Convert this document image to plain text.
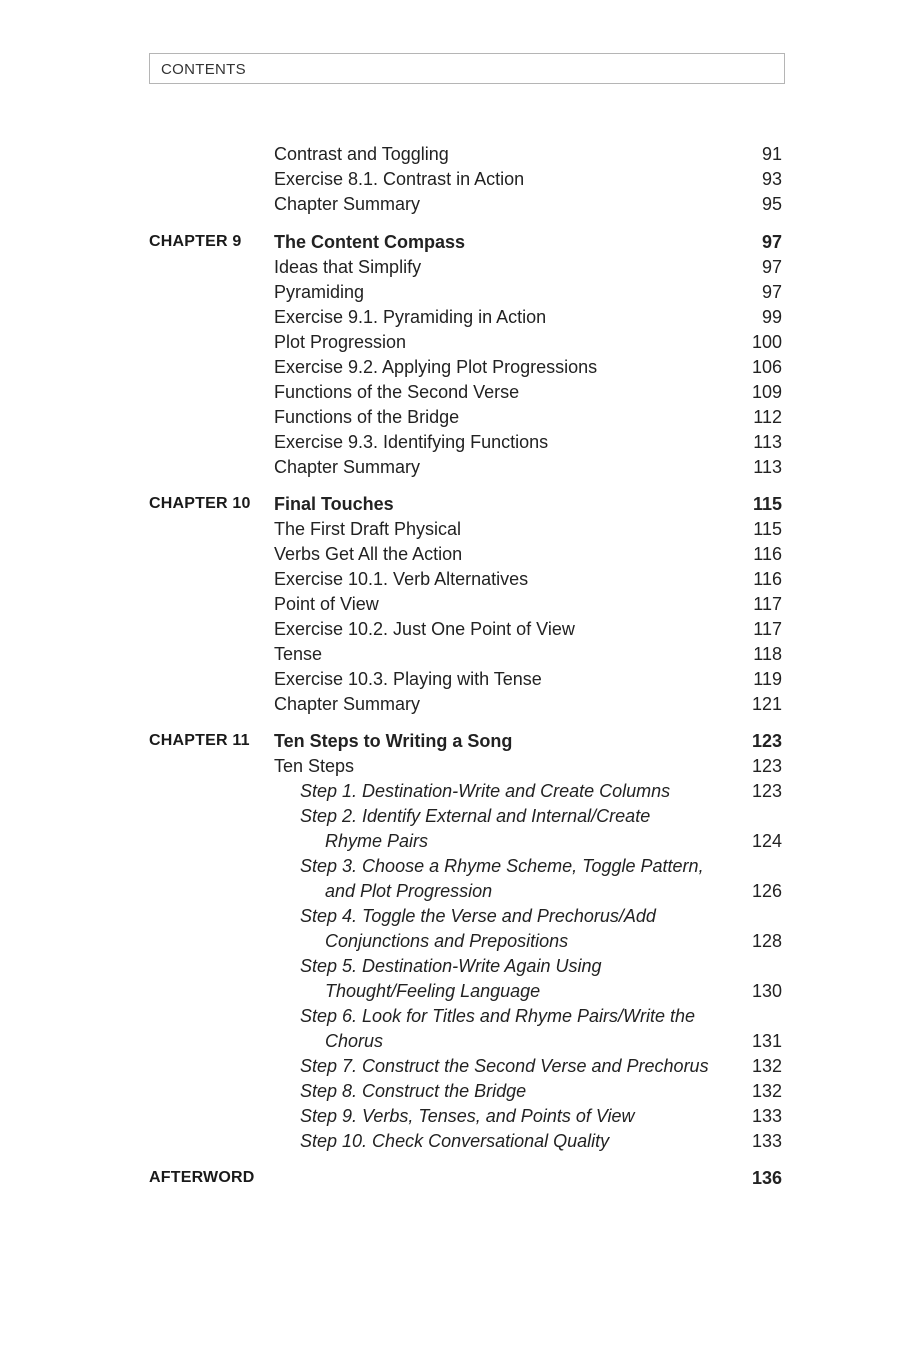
CONTENTS
Contrast and Toggling	91
Exercise 8.1. Contrast in Action	93
Chapter Summary	95
CHAPTER 9 The Content Compass	97
Ideas that Simplify	97
Pyramiding	97
Exercise 9.1. Pyramiding in Action	99
Plot Progression	100
Exercise 9.2. Applying Plot Progressions	106
Functions of the Second Verse	109
Functions of the Bridge	112
Exercise 9.3. Identifying Functions	113
Chapter Summary	113
CHAPTER 10 Final Touches	115
The First Draft Physical	115
Verbs Get All the Action	116
Exercise 10.1. Verb Alternatives	116
Point of View	117
Exercise 10.2. Just One Point of View	117
Tense	118
Exercise 10.3. Playing with Tense	119
Chapter Summary	121
CHAPTER 11 Ten Steps to Writing a Song	123
Ten Steps	123
Step 1. Destination-Write and Create Columns	123
Step 2. Identify External and Internal/Create
Rhyme Pairs	124
Step 3. Choose a Rhyme Scheme, Toggle Pattern,
and Plot Progression	126
Step 4. Toggle the Verse and Prechorus/Add
Conjunctions and Prepositions	128
Step 5. Destination-Write Again Using
Thought/Feeling Language	130
Step 6. Look for Titles and Rhyme Pairs/Write the
Chorus	131
Step 7. Construct the Second Verse and Prechorus 132
Step 8. Construct the Bridge	132
Step 9. Verbs, Tenses, and Points of View	133
Step 10. Check Conversational Quality	133
AFTERWORD	136
